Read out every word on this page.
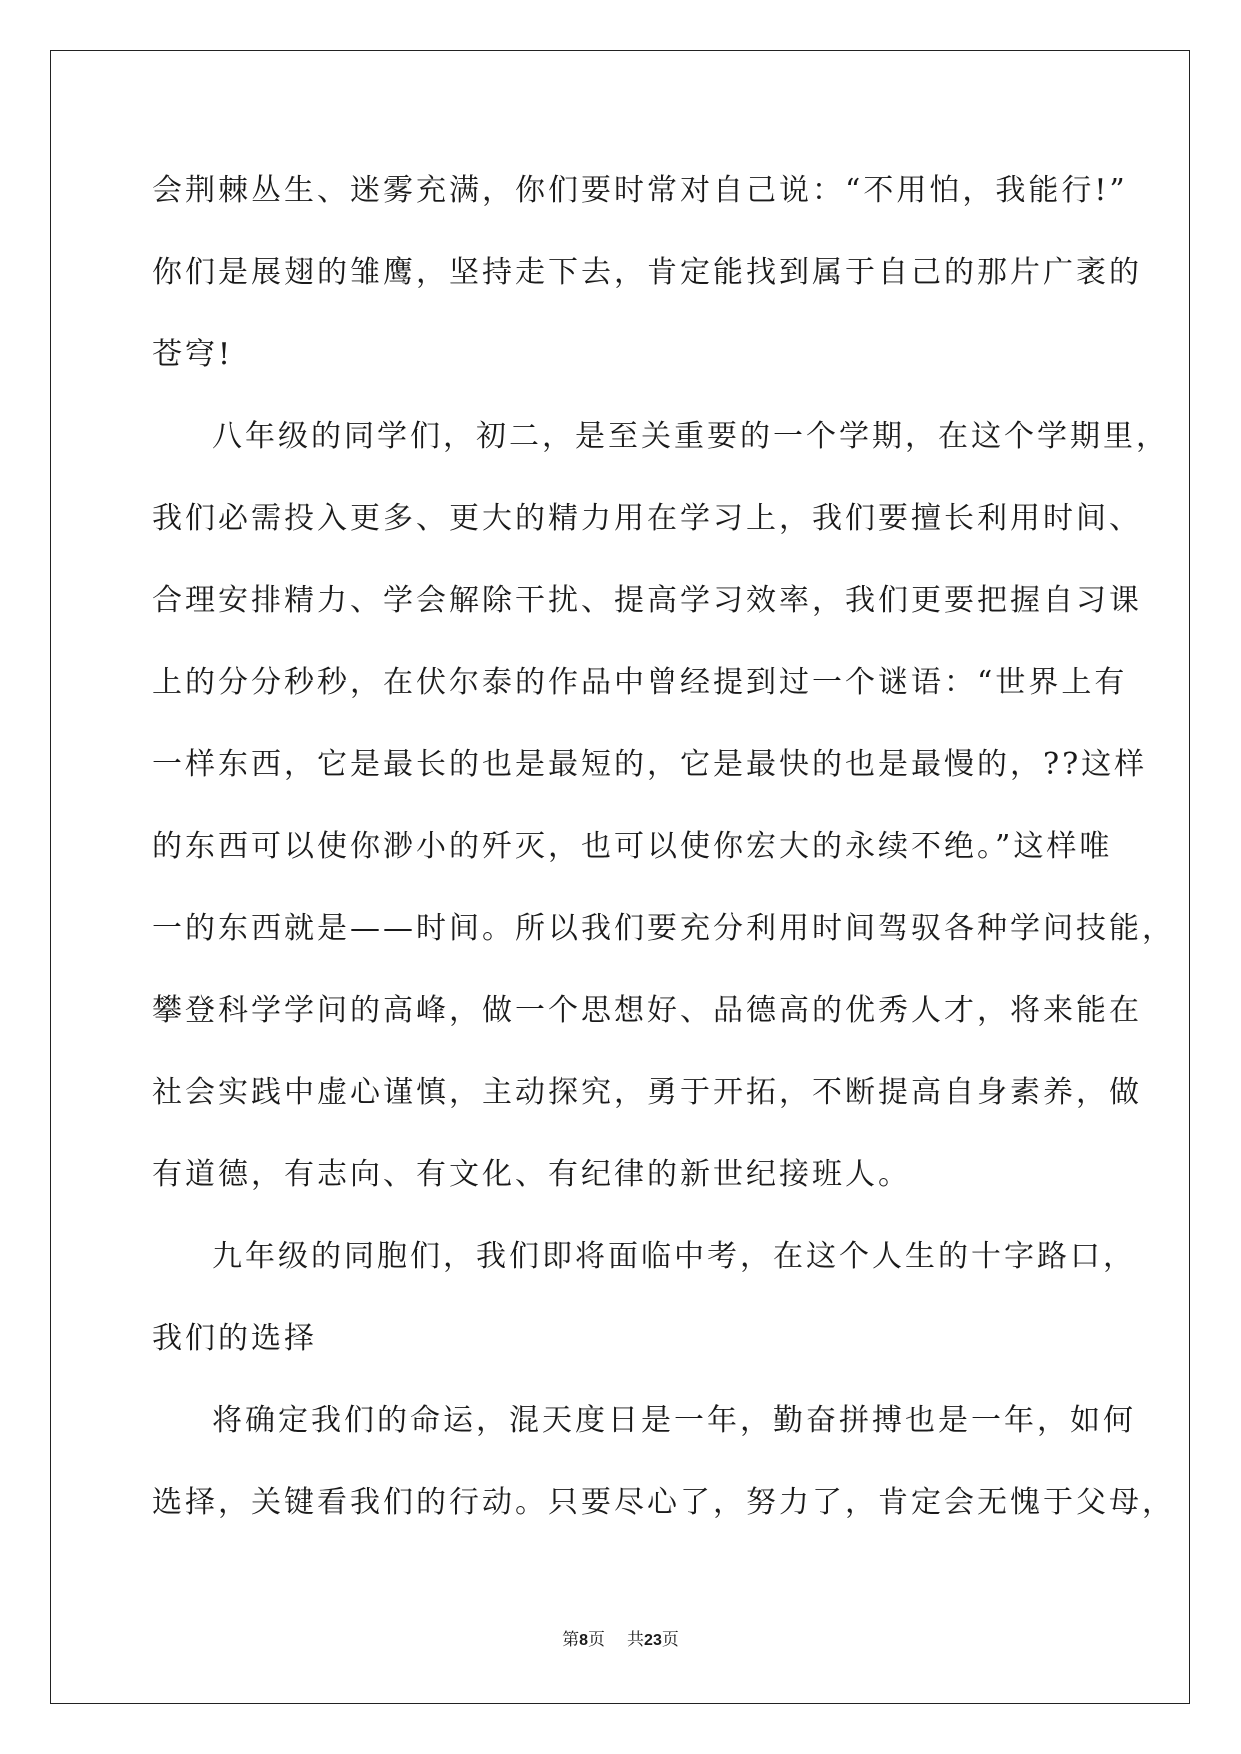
会荆棘丛生、迷雾充满，你们要时常对自己说：“不用怕，我能行!”
你们是展翅的雏鹰，坚持走下去，肯定能找到属于自己的那片广袤的
苍穹!
八年级的同学们，初二，是至关重要的一个学期，在这个学期里，
我们必需投入更多、更大的精力用在学习上，我们要擅长利用时间、
合理安排精力、学会解除干扰、提高学习效率，我们更要把握自习课
上的分分秒秒，在伏尔泰的作品中曾经提到过一个谜语：“世界上有
一样东西，它是最长的也是最短的，它是最快的也是最慢的，??这样
的东西可以使你渺小的歼灭，也可以使你宏大的永续不绝。”这样唯
一的东西就是——时间。所以我们要充分利用时间驾驭各种学问技能，
攀登科学学问的高峰，做一个思想好、品德高的优秀人才，将来能在
社会实践中虚心谨慎，主动探究，勇于开拓，不断提高自身素养，做
有道德，有志向、有文化、有纪律的新世纪接班人。
九年级的同胞们，我们即将面临中考，在这个人生的十字路口，
我们的选择
将确定我们的命运，混天度日是一年，勤奋拼搏也是一年，如何
选择，关键看我们的行动。只要尽心了，努力了，肯定会无愧于父母，
第8页 共23页
